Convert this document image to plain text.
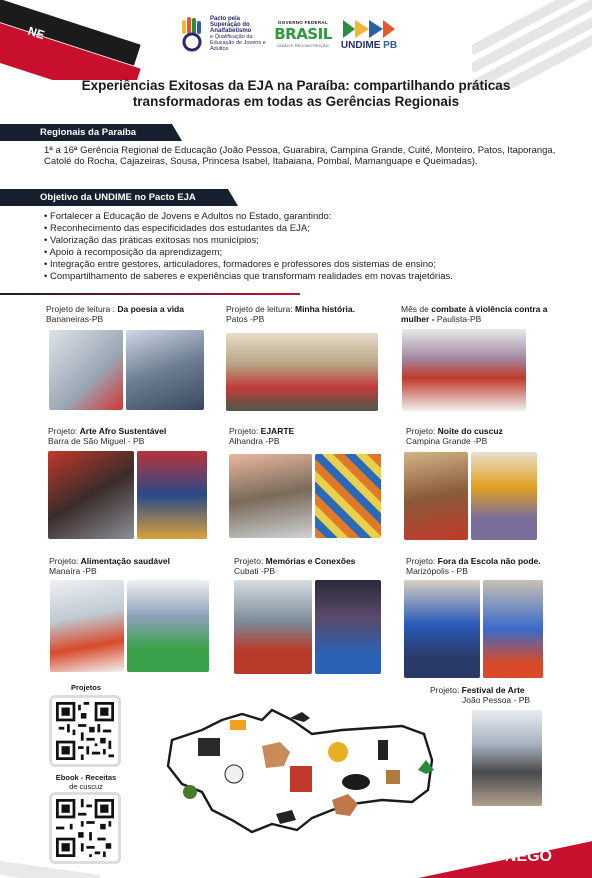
NE
Pacto pela Superação do Analfabetismo
e Qualificação da Educação de Jovens e Adultos
GOVERNO FEDERAL
BRASIL
UNIÃO E RECONSTRUÇÃO UNDIME PB
Experiências Exitosas da EJA na Paraíba: compartilhando práticas
transformadoras em todas as Gerências Regionais
Regionais da Paraíba
1ª a 16ª Gerência Regional de Educação (João Pessoa, Guarabira, Campina Grande, Cuité, Monteiro, Patos, Itaporanga, Catolé do Rocha, Cajazeiras, Sousa, Princesa Isabel, Itabaiana, Pombal, Mamanguape e Queimadas).
Objetivo da UNDIME no Pacto EJA
• Fortalecer a Educação de Jovens e Adultos no Estado, garantindo:
• Reconhecimento das especificidades dos estudantes da EJA;
• Valorização das práticas exitosas nos municípios;
• Apoio à recomposição da aprendizagem;
• Integração entre gestores, articuladores, formadores e professores dos sistemas de ensino;
• Compartilhamento de saberes e experiências que transformam realidades em novas trajetórias.
Projeto de leitura : Da poesia a vida
Bananeiras-PB
Projeto de leitura: Minha história. Patos -PB
Mês de combate à violência contra a mulher - Paulista-PB
Projeto: Arte Afro Sustentável
Barra de São Miguel - PB
Projeto: EJARTE
Alhandra -PB
Projeto: Noite do cuscuz
Campina Grande -PB
Projeto: Alimentação saudável
Manaíra -PB
Projeto: Memórias e Conexões
Cubati -PB
Projeto: Fora da Escola não pode. Marizópolis - PB
Projeto: Festival de Arte
João Pessoa - PB
Projetos
Ebook - Receitas
de cuscuz
NEGO
